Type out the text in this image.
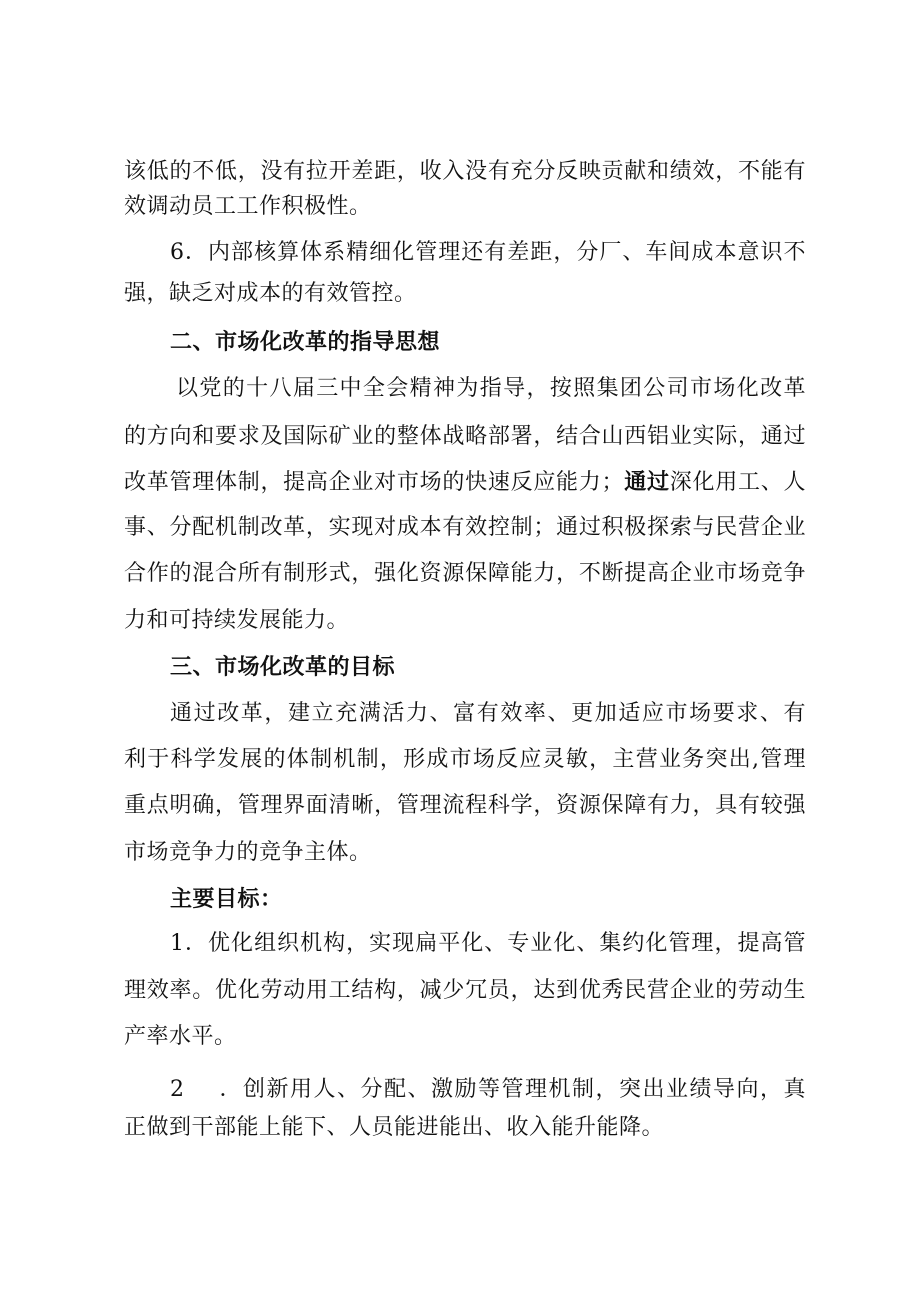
该低的不低，没有拉开差距，收入没有充分反映贡献和绩效，不能有
效调动员工工作积极性。
6．内部核算体系精细化管理还有差距，分厂、车间成本意识不
强，缺乏对成本的有效管控。
二、市场化改革的指导思想
以党的十八届三中全会精神为指导，按照集团公司市场化改革
的方向和要求及国际矿业的整体战略部署，结合山西铝业实际，通过
改革管理体制，提高企业对市场的快速反应能力；通过深化用工、人
事、分配机制改革，实现对成本有效控制；通过积极探索与民营企业
合作的混合所有制形式，强化资源保障能力，不断提高企业市场竞争
力和可持续发展能力。
三、市场化改革的目标
通过改革，建立充满活力、富有效率、更加适应市场要求、有
利于科学发展的体制机制，形成市场反应灵敏，主营业务突出,管理
重点明确，管理界面清晰，管理流程科学，资源保障有力，具有较强
市场竞争力的竞争主体。
主要目标：
1．优化组织机构，实现扁平化、专业化、集约化管理，提高管
理效率。优化劳动用工结构，减少冗员，达到优秀民营企业的劳动生
产率水平。
2 ．创新用人、分配、激励等管理机制，突出业绩导向，真
正做到干部能上能下、人员能进能出、收入能升能降。
